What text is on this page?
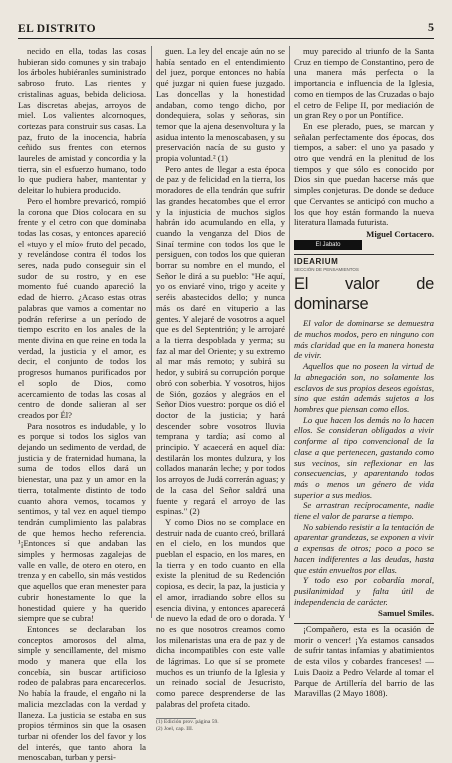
EL DISTRITO	5

necido en ella, todas las cosas hubieran sido comunes y sin trabajo los árboles hubiéranles suministrado sabroso fruto. Las rientes y cristalinas aguas, bebida deliciosa. Las discretas abejas, arroyos de miel. Los valientes alcornoques, cortezas para construir sus casas. La paz, fruto de la inocencia, habría ceñido sus frentes con eternos laureles de amistad y concordia y la tierra, sin el esfuerzo humano, todo lo que pudiera haber, mantentar y deleitar lo hubiera producido.

Pero el hombre prevaricó, rompió la corona que Dios colocara en su frente y el cetro con que dominaba todas las cosas, y entonces apareció el «tuyo y el mío» fruto del pecado, y revelándose contra él todos los seres, nada pudo conseguir sin el sudor de su rostro, y en ese momento fué cuando apareció la edad de hierro. ¿Acaso estas otras palabras que vamos a comentar no podrán referirse a un período de tiempo escrito en los anales de la mente divina en que reine en toda la verdad, la justicia y el amor, es decir, el conjunto de todos los progresos humanos purificados por el soplo de Dios, como acercamiento de todas las cosas al centro de donde salieran al ser creados por Él?

Para nosotros es indudable, y lo es porque si todos los siglos van dejando un sedimento de verdad, de justicia y de fraternidad humana, la suma de todos ellos dará un bienestar, una paz y un amor en la tierra, totalmente distinto de todo cuanto ahora vemos, tocamos y sentimos, y tal vez en aquel tiempo tendrán cumplimiento las palabras de que hemos hecho referencia. ¹¡Entonces sí que andaban las simples y hermosas zagalejas de valle en valle, de otero en otero, en trenza y en cabello, sin más vestidos que aquellos que eran menester para cubrir honestamente lo que la honestidad quiere y ha querido siempre que se cubra!

Entonces se declaraban los conceptos amorosos del alma, simple y sencillamente, del mismo modo y manera que ella los concebía, sin buscar artificioso rodeo de palabras para encarecerlos. No había la fraude, el engaño ni la malicia mezcladas con la verdad y llaneza. La justicia se estaba en sus propios términos sin que la osasen turbar ni ofender los del favor y los del interés, que tanto ahora la menoscaban, turban y persi-

guen. La ley del encaje aún no se había sentado en el entendimiento del juez, porque entonces no había qué juzgar ni quien fuese juzgado. Las doncellas y la honestidad andaban, como tengo dicho, por dondequiera, solas y señoras, sin temor que la ajena desenvoltura y la asidua intento la menoscabasen, y su preservación nacía de su gusto y propia voluntad.² (1)

Pero antes de llegar a esta época de paz y de felicidad en la tierra, los moradores de ella tendrán que sufrir las grandes hecatombes que el error y la injusticia de muchos siglos habrán ido acumulando en ella, y cuando la venganza del Dios de Sinaí termine con todos los que le persiguen, con todos los que quieran borrar su nombre en el mundo, el Señor le dirá a su pueblo: "He aquí, yo os enviaré vino, trigo y aceite y seréis abastecidos dello; y nunca más os daré en vituperio a las gentes. Y alejaré de vosotros a aquel que es del Septentrión; y le arrojaré a la tierra despoblada y yerma; su faz al mar del Oriente; y su extremo al mar más remoto; y subirá su hedor, y subirá su corrupción porque obró con soberbia. Y vosotros, hijos de Sión, gozáos y alegráos en el Señor Dios vuestro: porque os dió el doctor de la justicia; y hará descender sobre vosotros lluvia temprana y tardía; así como al principio. Y acaecerá en aquel día: destilarán los montes dulzura, y los collados manarán leche; y por todos los arroyos de Judá correrán aguas; y de la casa del Señor saldrá una fuente y regará el arroyo de las espinas." (2)

Y como Dios no se complace en destruir nada de cuanto creó, brillará en el cielo, en los mundos que pueblan el espacio, en los mares, en la tierra y en todo cuanto en ella existe la plenitud de su Redención copiosa, es decir, la paz, la justicia y el amor, irradiando sobre ellos su esencia divina, y entonces aparecerá de nuevo la edad de oro o dorada. Y no es que nosotros creamos como los milenaristas una era de paz y de dicha incompatibles con este valle de lágrimas. Lo que sí se promete muchos es un triunfo de la Iglesia y un reinado social de Jesucristo, como parece desprenderse de las palabras del profeta citado.

(1) Edición prov. página 59.

(2) Joel, cap. III.

muy parecido al triunfo de la Santa Cruz en tiempo de Constantino, pero de una manera más perfecta o la importancia e influencia de la Iglesia, como en tiempos de las Cruzadas o bajo el cetro de Felipe II, por mediación de un gran Rey o por un Pontífice.

En ese plerado, pues, se marcan y señalan perfectamente dos épocas, dos tiempos, a saber: el uno ya pasado y otro que vendrá en la plenitud de los tiempos y que sólo es conocido por Dios sin que puedan hacerse más que simples conjeturas. De donde se deduce que Cervantes se anticipó con mucho a los que hoy están formando la nueva literatura llamada futurista.

Miguel Cortacero.

El Jabato

IDEARIUM
SECCIÓN DE PENSAMIENTOS
El valor de dominarse

El valor de dominarse se demuestra de muchos modos, pero en ninguno con más claridad que en la manera honesta de vivir.

Aquellos que no poseen la virtud de la abnegación son, no solamente los esclavos de sus propios deseos egoístas, sino que están además sujetos a los hombres que piensan como ellos.

Lo que hacen los demás no lo hacen ellos. Se consideran obligados a vivir conforme al tipo convencional de la clase a que pertenecen, gastando como sus vecinos, sin reflexionar en las consecuencias, y aparentando todos más o menos un género de vida superior a sus medios.

Se arrastran recíprocamente, nadie tiene el valor de pararse a tiempo.

No sabiendo resistir a la tentación de aparentar grandezas, se exponen a vivir a expensas de otros; poco a poco se hacen indiferentes a las deudas, hasta que están envueltos por ellas.

Y todo eso por cobardía moral, pusilanimidad y falta útil de independencia de carácter.

Samuel Smiles.

¡Compañero, esta es la ocasión de morir o vencer! ¡Ya estamos cansados de sufrir tantas infamias y abatimientos de esta vilos y cobardes franceses! — Luis Daoiz a Pedro Velarde al tomar el Parque de Artillería del barrio de las Maravillas (2 Mayo 1808).
